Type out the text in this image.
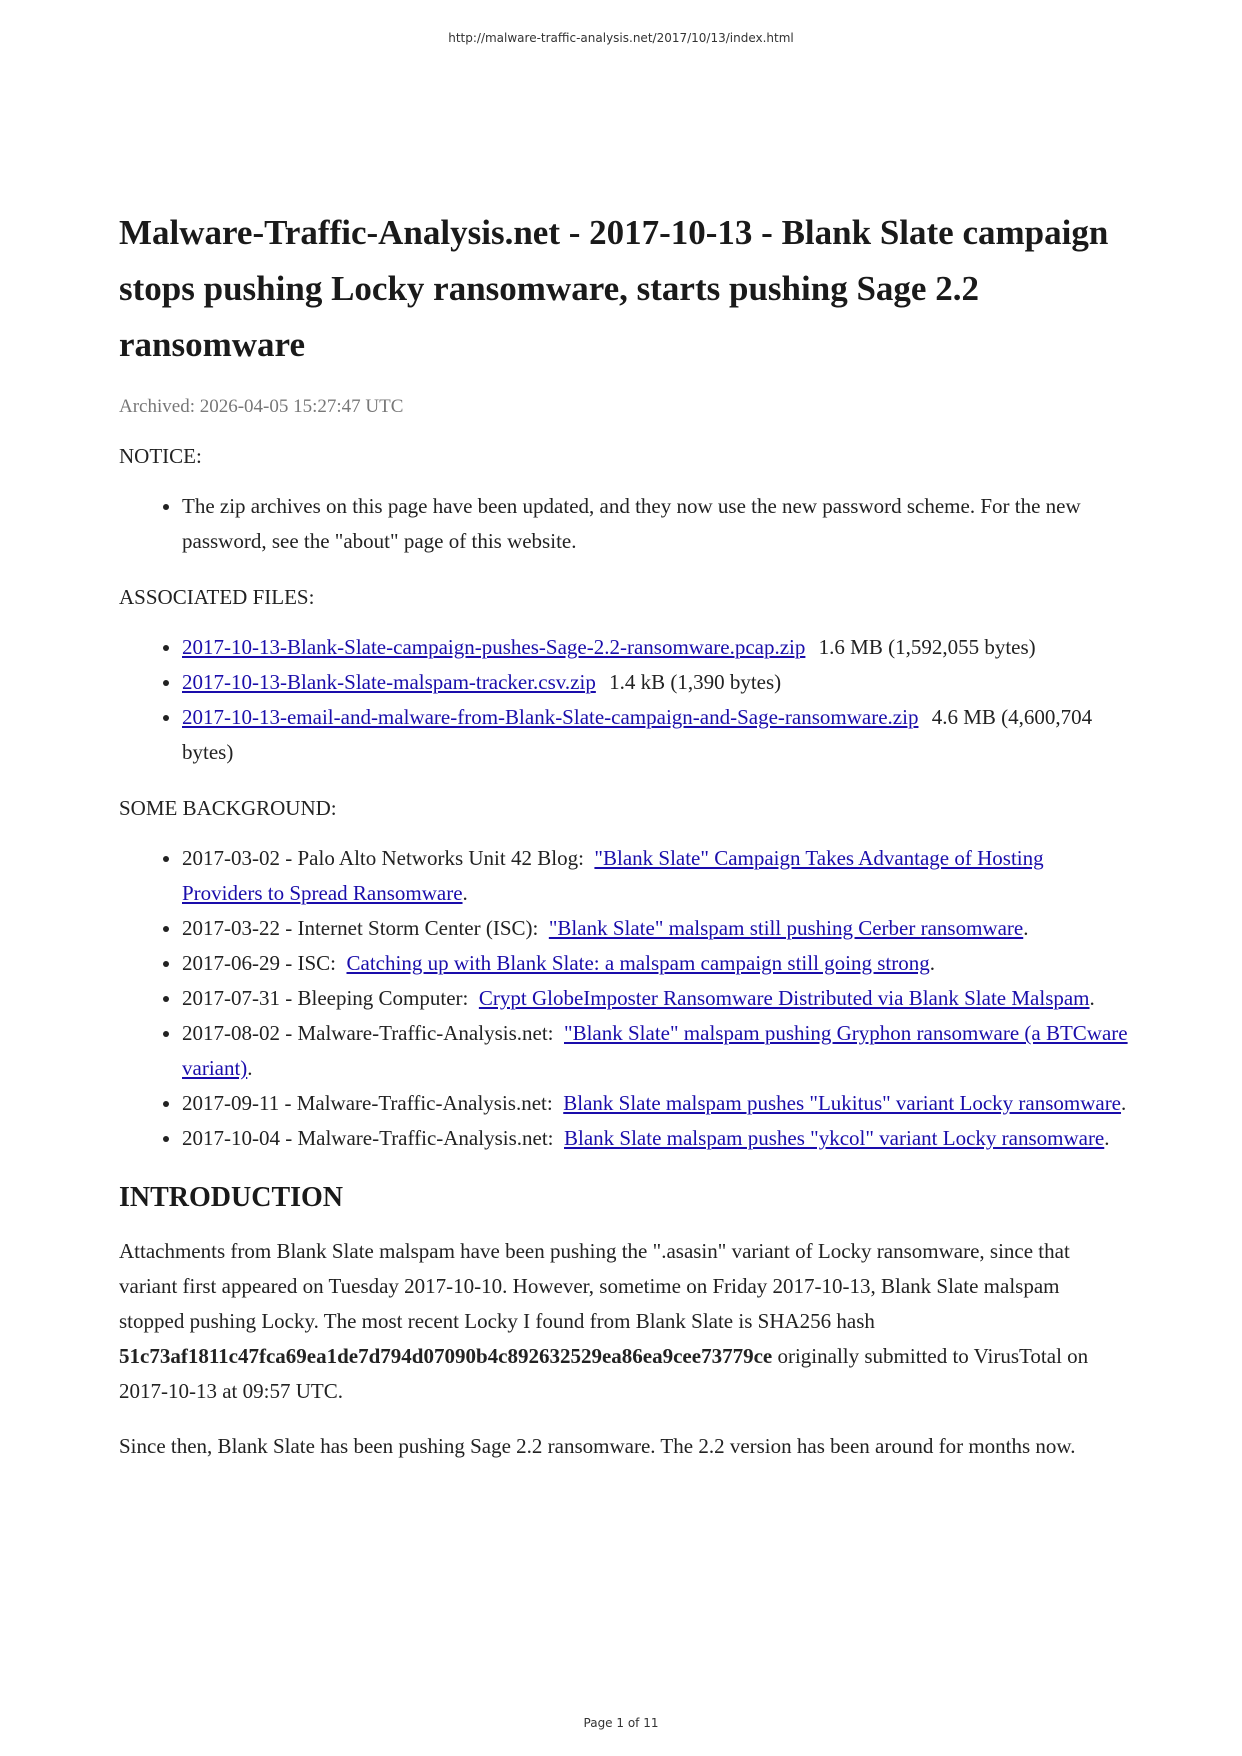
http://malware-traffic-analysis.net/2017/10/13/index.html
Malware-Traffic-Analysis.net - 2017-10-13 - Blank Slate campaign stops pushing Locky ransomware, starts pushing Sage 2.2 ransomware
Archived: 2026-04-05 15:27:47 UTC
NOTICE:
• The zip archives on this page have been updated, and they now use the new password scheme. For the new password, see the "about" page of this website.
ASSOCIATED FILES:
• 2017-10-13-Blank-Slate-campaign-pushes-Sage-2.2-ransomware.pcap.zip 1.6 MB (1,592,055 bytes)
• 2017-10-13-Blank-Slate-malspam-tracker.csv.zip 1.4 kB (1,390 bytes)
• 2017-10-13-email-and-malware-from-Blank-Slate-campaign-and-Sage-ransomware.zip 4.6 MB (4,600,704 bytes)
SOME BACKGROUND:
• 2017-03-02 - Palo Alto Networks Unit 42 Blog: "Blank Slate" Campaign Takes Advantage of Hosting Providers to Spread Ransomware.
• 2017-03-22 - Internet Storm Center (ISC): "Blank Slate" malspam still pushing Cerber ransomware.
• 2017-06-29 - ISC: Catching up with Blank Slate: a malspam campaign still going strong.
• 2017-07-31 - Bleeping Computer: Crypt GlobeImposter Ransomware Distributed via Blank Slate Malspam.
• 2017-08-02 - Malware-Traffic-Analysis.net: "Blank Slate" malspam pushing Gryphon ransomware (a BTCware variant).
• 2017-09-11 - Malware-Traffic-Analysis.net: Blank Slate malspam pushes "Lukitus" variant Locky ransomware.
• 2017-10-04 - Malware-Traffic-Analysis.net: Blank Slate malspam pushes "ykcol" variant Locky ransomware.
INTRODUCTION

Attachments from Blank Slate malspam have been pushing the ".asasin" variant of Locky ransomware, since that variant first appeared on Tuesday 2017-10-10. However, sometime on Friday 2017-10-13, Blank Slate malspam stopped pushing Locky. The most recent Locky I found from Blank Slate is SHA256 hash
51c73af1811c47fca69ea1de7d794d07090b4c892632529ea86ea9cee73779ce originally submitted to VirusTotal on 2017-10-13 at 09:57 UTC.

Since then, Blank Slate has been pushing Sage 2.2 ransomware. The 2.2 version has been around for months now.

Page 1 of 11
